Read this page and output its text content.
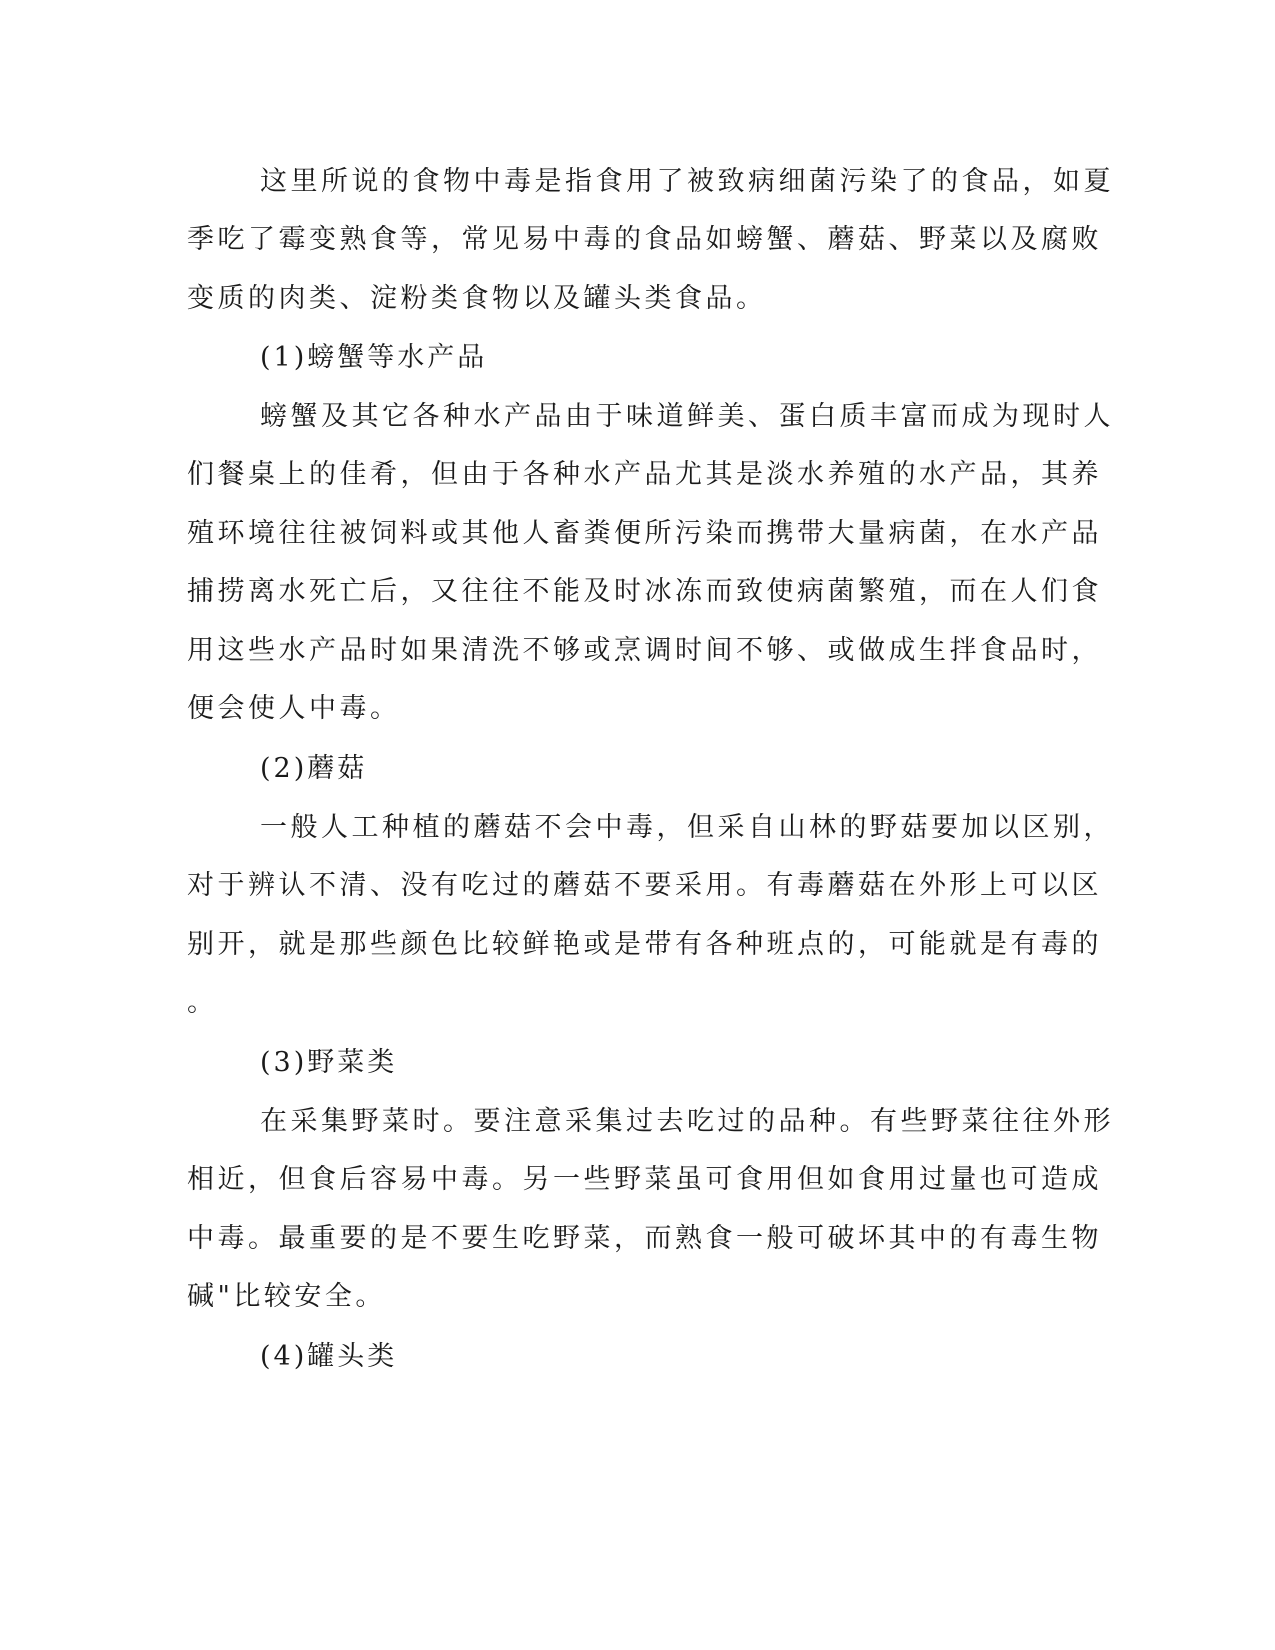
这里所说的食物中毒是指食用了被致病细菌污染了的食品，如夏
季吃了霉变熟食等，常见易中毒的食品如螃蟹、蘑菇、野菜以及腐败
变质的肉类、淀粉类食物以及罐头类食品。
(1)螃蟹等水产品
螃蟹及其它各种水产品由于味道鲜美、蛋白质丰富而成为现时人
们餐桌上的佳肴，但由于各种水产品尤其是淡水养殖的水产品，其养
殖环境往往被饲料或其他人畜粪便所污染而携带大量病菌，在水产品
捕捞离水死亡后，又往往不能及时冰冻而致使病菌繁殖，而在人们食
用这些水产品时如果清洗不够或烹调时间不够、或做成生拌食品时，
便会使人中毒。
(2)蘑菇
一般人工种植的蘑菇不会中毒，但采自山林的野菇要加以区别，
对于辨认不清、没有吃过的蘑菇不要采用。有毒蘑菇在外形上可以区
别开，就是那些颜色比较鲜艳或是带有各种班点的，可能就是有毒的
。
(3)野菜类
在采集野菜时。要注意采集过去吃过的品种。有些野菜往往外形
相近，但食后容易中毒。另一些野菜虽可食用但如食用过量也可造成
中毒。最重要的是不要生吃野菜，而熟食一般可破坏其中的有毒生物
碱"比较安全。
(4)罐头类
